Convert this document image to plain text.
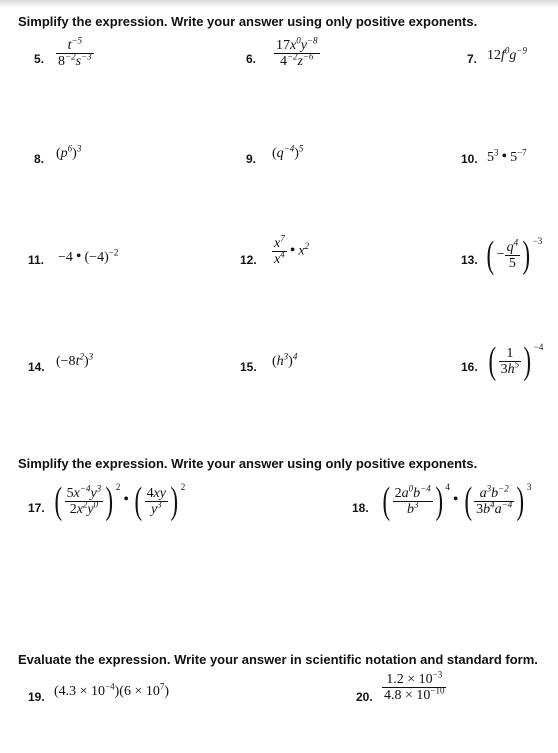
Simplify the expression. Write your answer using only positive exponents.
5. $\frac{t^{-5}}{8^{-2}s^{-3}}$	6. $\frac{17x^0y^{-8}}{4^{-2}z^{-6}}$	7. $12f^0g^{-9}$
8. $(p^6)^3$
9. $(q^{-4})^5$
10. $5^3$ • $5^{-7}$
11. −4 • $(-4)^{-2}$
12. $\frac{x^7}{x^4}$ • $x^2$
13. ( − $\frac{q^4}{5}$ ) $^{-3}$
14. $(-8t^2)^3$
15. $(h^3)^4$
16. ( $\frac{1}{3h^5}$ ) $^{-4}$
Simplify the expression. Write your answer using only positive exponents.
17. ( $\frac{5x^{-4}y^3}{2x^2y^0}$ ) $^2$• ( $\frac{4xy}{y^3}$ ) $^2$
18. ( $\frac{2a^0b^{-4}}{b^3}$ ) $^4$• ( $\frac{a^3b^{-2}}{3b^4a^{-4}}$ ) $^3$
Evaluate the expression. Write your answer in scientific notation and standard form.
19. $(4.3 \times 10^{-4})(6 \times 10^7)$	20. $\frac{1.2 \times 10^{-3}}{4.8 \times 10^{-10}}$
